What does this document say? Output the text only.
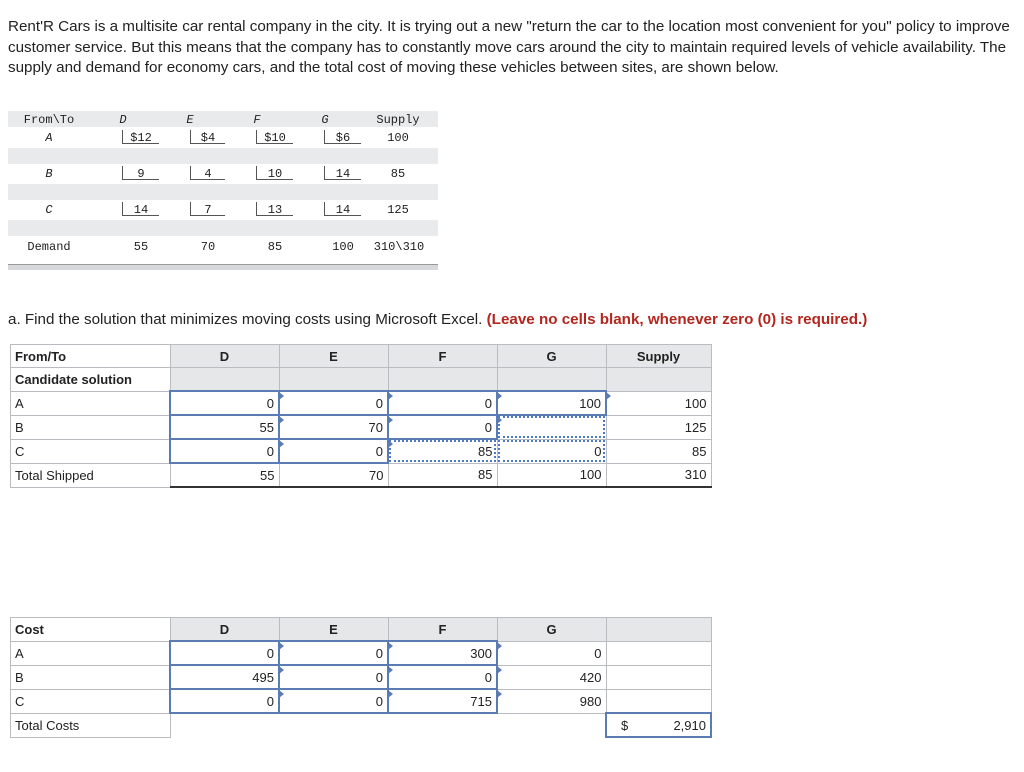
Rent'R Cars is a multisite car rental company in the city. It is trying out a new "return the car to the location most convenient for you" policy to improve customer service. But this means that the company has to constantly move cars around the city to maintain required levels of vehicle availability. The supply and demand for economy cars, and the total cost of moving these vehicles between sites, are shown below.

From\To	D	E	F	G	Supply
A	$12	$4	$10	$6	100
B	9	4	10	14	85
C	14	7	13	14	125
Demand	55	70	85	100	310\310

a. Find the solution that minimizes moving costs using Microsoft Excel. (Leave no cells blank, whenever zero (0) is required.)

From/To	D	E	F	G	Supply
Candidate solution					
A	0	0	0	100	100
B	55	70	0		125
C	0	0	85	0	85
Total Shipped	55	70	85	100	310
Cost	D	E	F	G	
A	0	0	300	0	
B	495	0	0	420	
C	0	0	715	980	
Total Costs					$ 2,910
